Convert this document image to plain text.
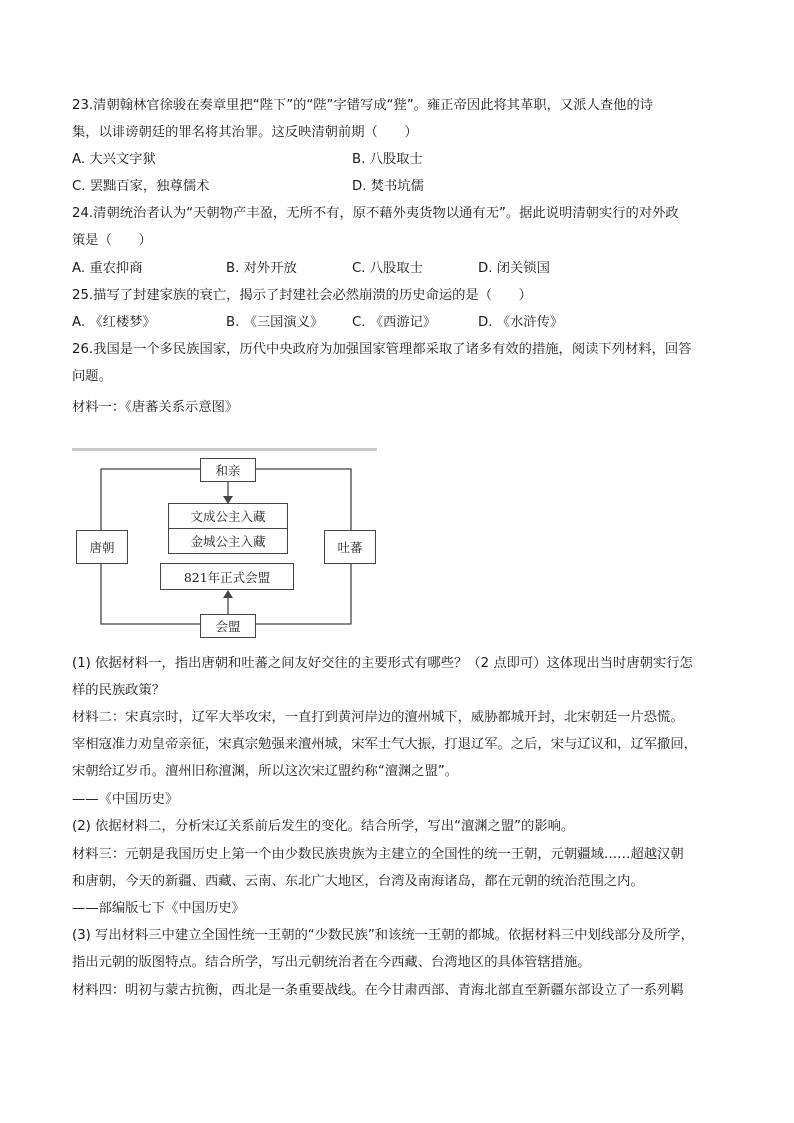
23.清朝翰林官徐骏在奏章里把“陛下”的“陛”字错写成“狴”。雍正帝因此将其革职，又派人查他的诗
集，以诽谤朝廷的罪名将其治罪。这反映清朝前期（　　）
A. 大兴文字狱	B. 八股取士
C. 罢黜百家，独尊儒术	D. 焚书坑儒
24.清朝统治者认为“天朝物产丰盈，无所不有，原不藉外夷货物以通有无”。据此说明清朝实行的对外政
策是（　　）
A. 重农抑商	B. 对外开放	C. 八股取士	D. 闭关锁国
25.描写了封建家族的衰亡，揭示了封建社会必然崩溃的历史命运的是（　　）
A. 《红楼梦》	B. 《三国演义》 C. 《西游记》	D. 《水浒传》
26.我国是一个多民族国家，历代中央政府为加强国家管理都采取了诸多有效的措施，阅读下列材料，回答
问题。
材料一：《唐蕃关系示意图》
和亲
文成公主入藏
金城公主入藏
唐朝	吐蕃
821年正式会盟
会盟
(1) 依据材料一，指出唐朝和吐蕃之间友好交往的主要形式有哪些？（2 点即可）这体现出当时唐朝实行怎
样的民族政策？
材料二：宋真宗时，辽军大举攻宋，一直打到黄河岸边的澶州城下，威胁都城开封，北宋朝廷一片恐慌。
宰相寇准力劝皇帝亲征，宋真宗勉强来澶州城，宋军士气大振，打退辽军。之后，宋与辽议和，辽军撤回，
宋朝给辽岁币。澶州旧称澶渊，所以这次宋辽盟约称“澶渊之盟”。
——《中国历史》
(2) 依据材料二，分析宋辽关系前后发生的变化。结合所学，写出“澶渊之盟”的影响。
材料三：元朝是我国历史上第一个由少数民族贵族为主建立的全国性的统一王朝，元朝疆域……超越汉朝
和唐朝，今天的新疆、西藏、云南、东北广大地区，台湾及南海诸岛，都在元朝的统治范围之内。
——部编版七下《中国历史》
(3) 写出材料三中建立全国性统一王朝的“少数民族”和该统一王朝的都城。依据材料三中划线部分及所学，
指出元朝的版图特点。结合所学，写出元朝统治者在今西藏、台湾地区的具体管辖措施。
材料四：明初与蒙古抗衡，西北是一条重要战线。在今甘肃西部、青海北部直至新疆东部设立了一系列羁
